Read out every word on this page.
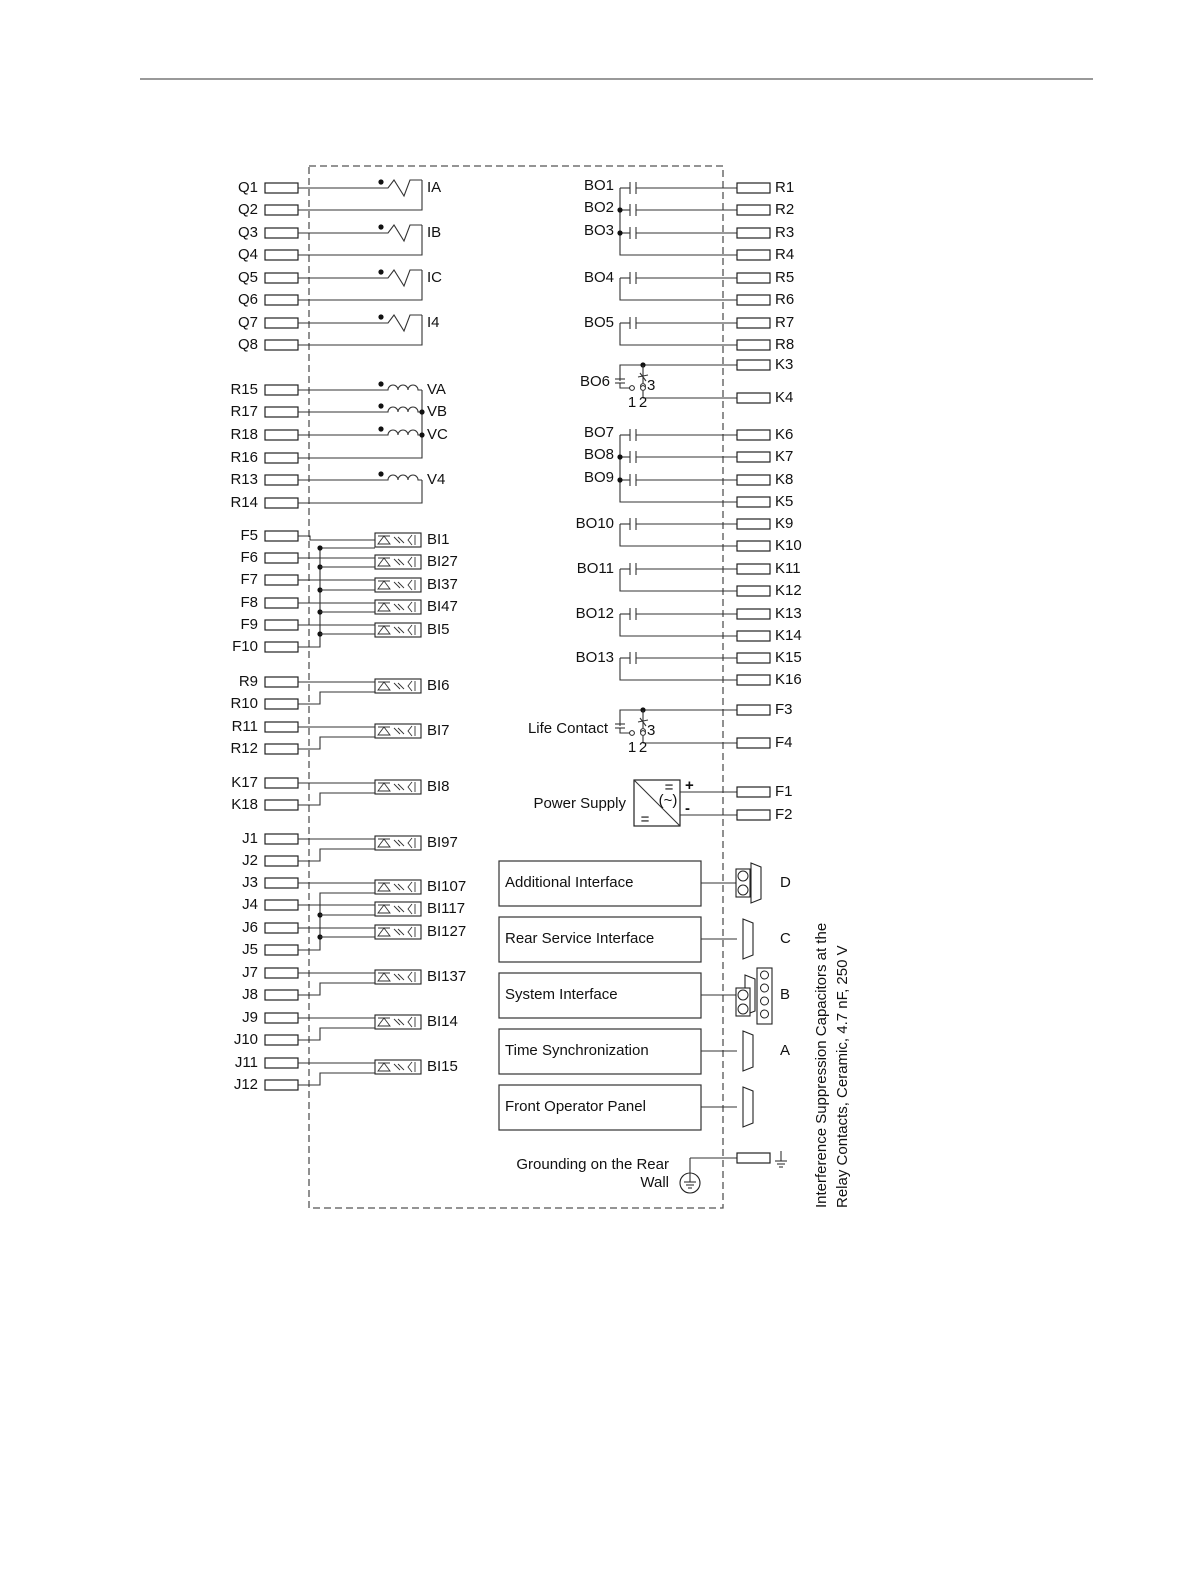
Q1
Q2
IA
Q3
Q4
IB
Q5
Q6
IC
Q7
Q8
I4
R15
R17
R18
R16
R13
R14
VA
VB
VC
V4
F5
F6
F7
F8
F9
F10
BI1
BI27
BI37
BI47
BI5
R9
R10
BI6
R11
R12
BI7
K17
K18
BI8
J1
J2
BI97
J3
J4
J6
J5
BI107
BI117
BI127
J7
J8
BI137
J9
J10
BI14
J11
J12
BI15
BO1
BO2
BO3
R1
R2
R3
R4
BO4	R5
R6
BO5	R7
R8
3
1 2
BO6
K3
K4
BO7
BO8
BO9
K6
K7
K8
K5
BO10	K9
K10
BO11	K11
K12
BO12	K13
K14
BO13	K15
K16
3
1 2
Life Contact
F3
F4
=
(~)
=
+
-
Power Supply
F1
F2
Additional Interface	D
Rear Service Interface	C
System Interface	B
Time Synchronization	A
Front Operator Panel
Grounding on the Rear
Wall	Interference Suppression Capacitors at the Relay Contacts, Ceramic, 4.7 nF, 250 V
